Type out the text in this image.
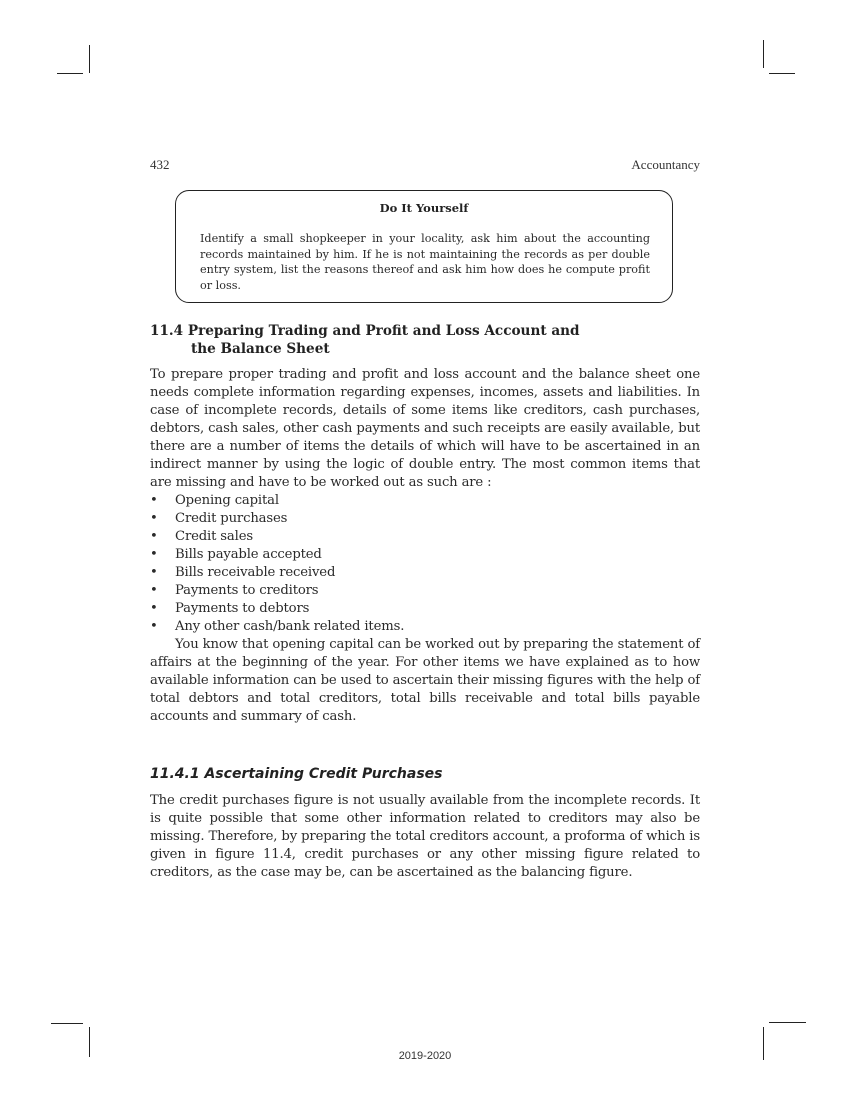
432	Accountancy
Do It Yourself
Identify a small shopkeeper in your locality, ask him about the accounting records maintained by him. If he is not maintaining the records as per double entry system, list the reasons thereof and ask him how does he compute profit or loss.
11.4 Preparing Trading and Profit and Loss Account and
the Balance Sheet

To prepare proper trading and profit and loss account and the balance sheet one needs complete information regarding expenses, incomes, assets and liabilities. In case of incomplete records, details of some items like creditors, cash purchases, debtors, cash sales, other cash payments and such receipts are easily available, but there are a number of items the details of which will have to be ascertained in an indirect manner by using the logic of double entry. The most common items that are missing and have to be worked out as such are :

• Opening capital
• Credit purchases
• Credit sales
• Bills payable accepted
• Bills receivable received
• Payments to creditors
• Payments to debtors
• Any other cash/bank related items.

You know that opening capital can be worked out by preparing the statement of affairs at the beginning of the year. For other items we have explained as to how available information can be used to ascertain their missing figures with the help of total debtors and total creditors, total bills receivable and total bills payable accounts and summary of cash.

11.4.1 Ascertaining Credit Purchases

The credit purchases figure is not usually available from the incomplete records. It is quite possible that some other information related to creditors may also be missing. Therefore, by preparing the total creditors account, a proforma of which is given in figure 11.4, credit purchases or any other missing figure related to creditors, as the case may be, can be ascertained as the balancing figure.

2019-2020
